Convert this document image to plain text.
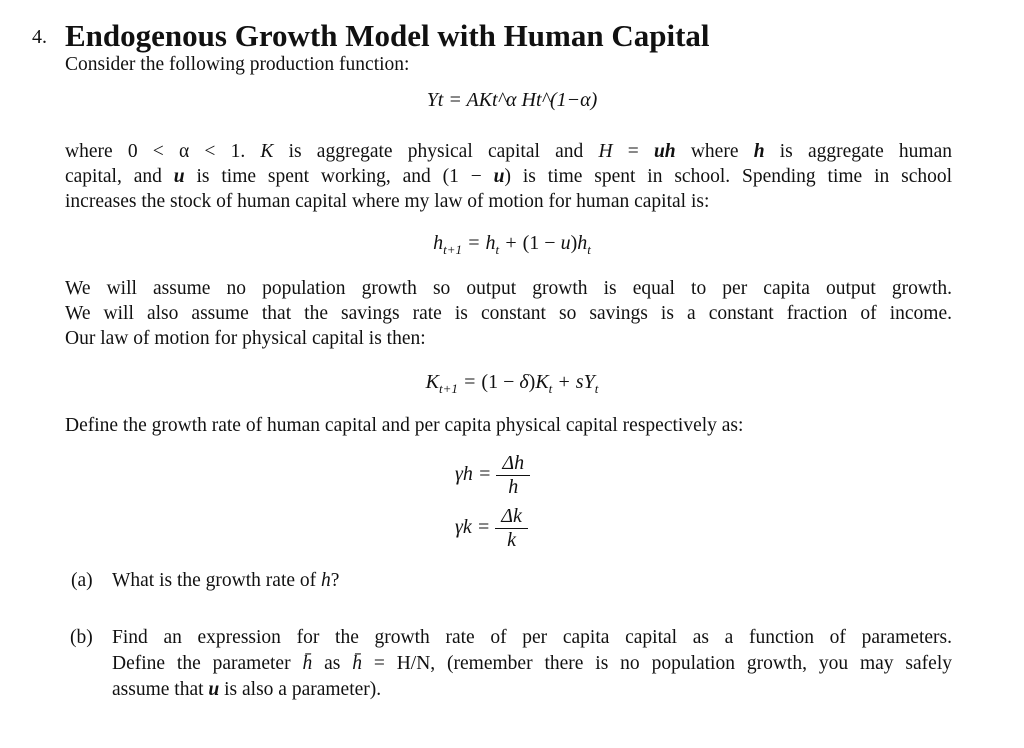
4. Endogenous Growth Model with Human Capital
Consider the following production function:
Yt = AKt^α Ht^(1−α)
where 0 < α < 1. K is aggregate physical capital and H = uh where h is aggregate human
capital, and u is time spent working, and (1 − u) is time spent in school. Spending time in school
increases the stock of human capital where my law of motion for human capital is:
$h_{t+1} = h_t + (1 - u)h_t$
We will assume no population growth so output growth is equal to per capita output growth.
We will also assume that the savings rate is constant so savings is a constant fraction of income.
Our law of motion for physical capital is then:
$K_{t+1} = (1 - \delta)K_t + sY_t$
Define the growth rate of human capital and per capita physical capital respectively as:
$\gamma h = \frac{\Delta h}{h}$
$\gamma k = \frac{\Delta k}{k}$
(a) What is the growth rate of h?
(b) Find an expression for the growth rate of per capita capital as a function of parameters.
Define the parameter h̄ as h̄ = H/N, (remember there is no population growth, you may safely
assume that u is also a parameter).
